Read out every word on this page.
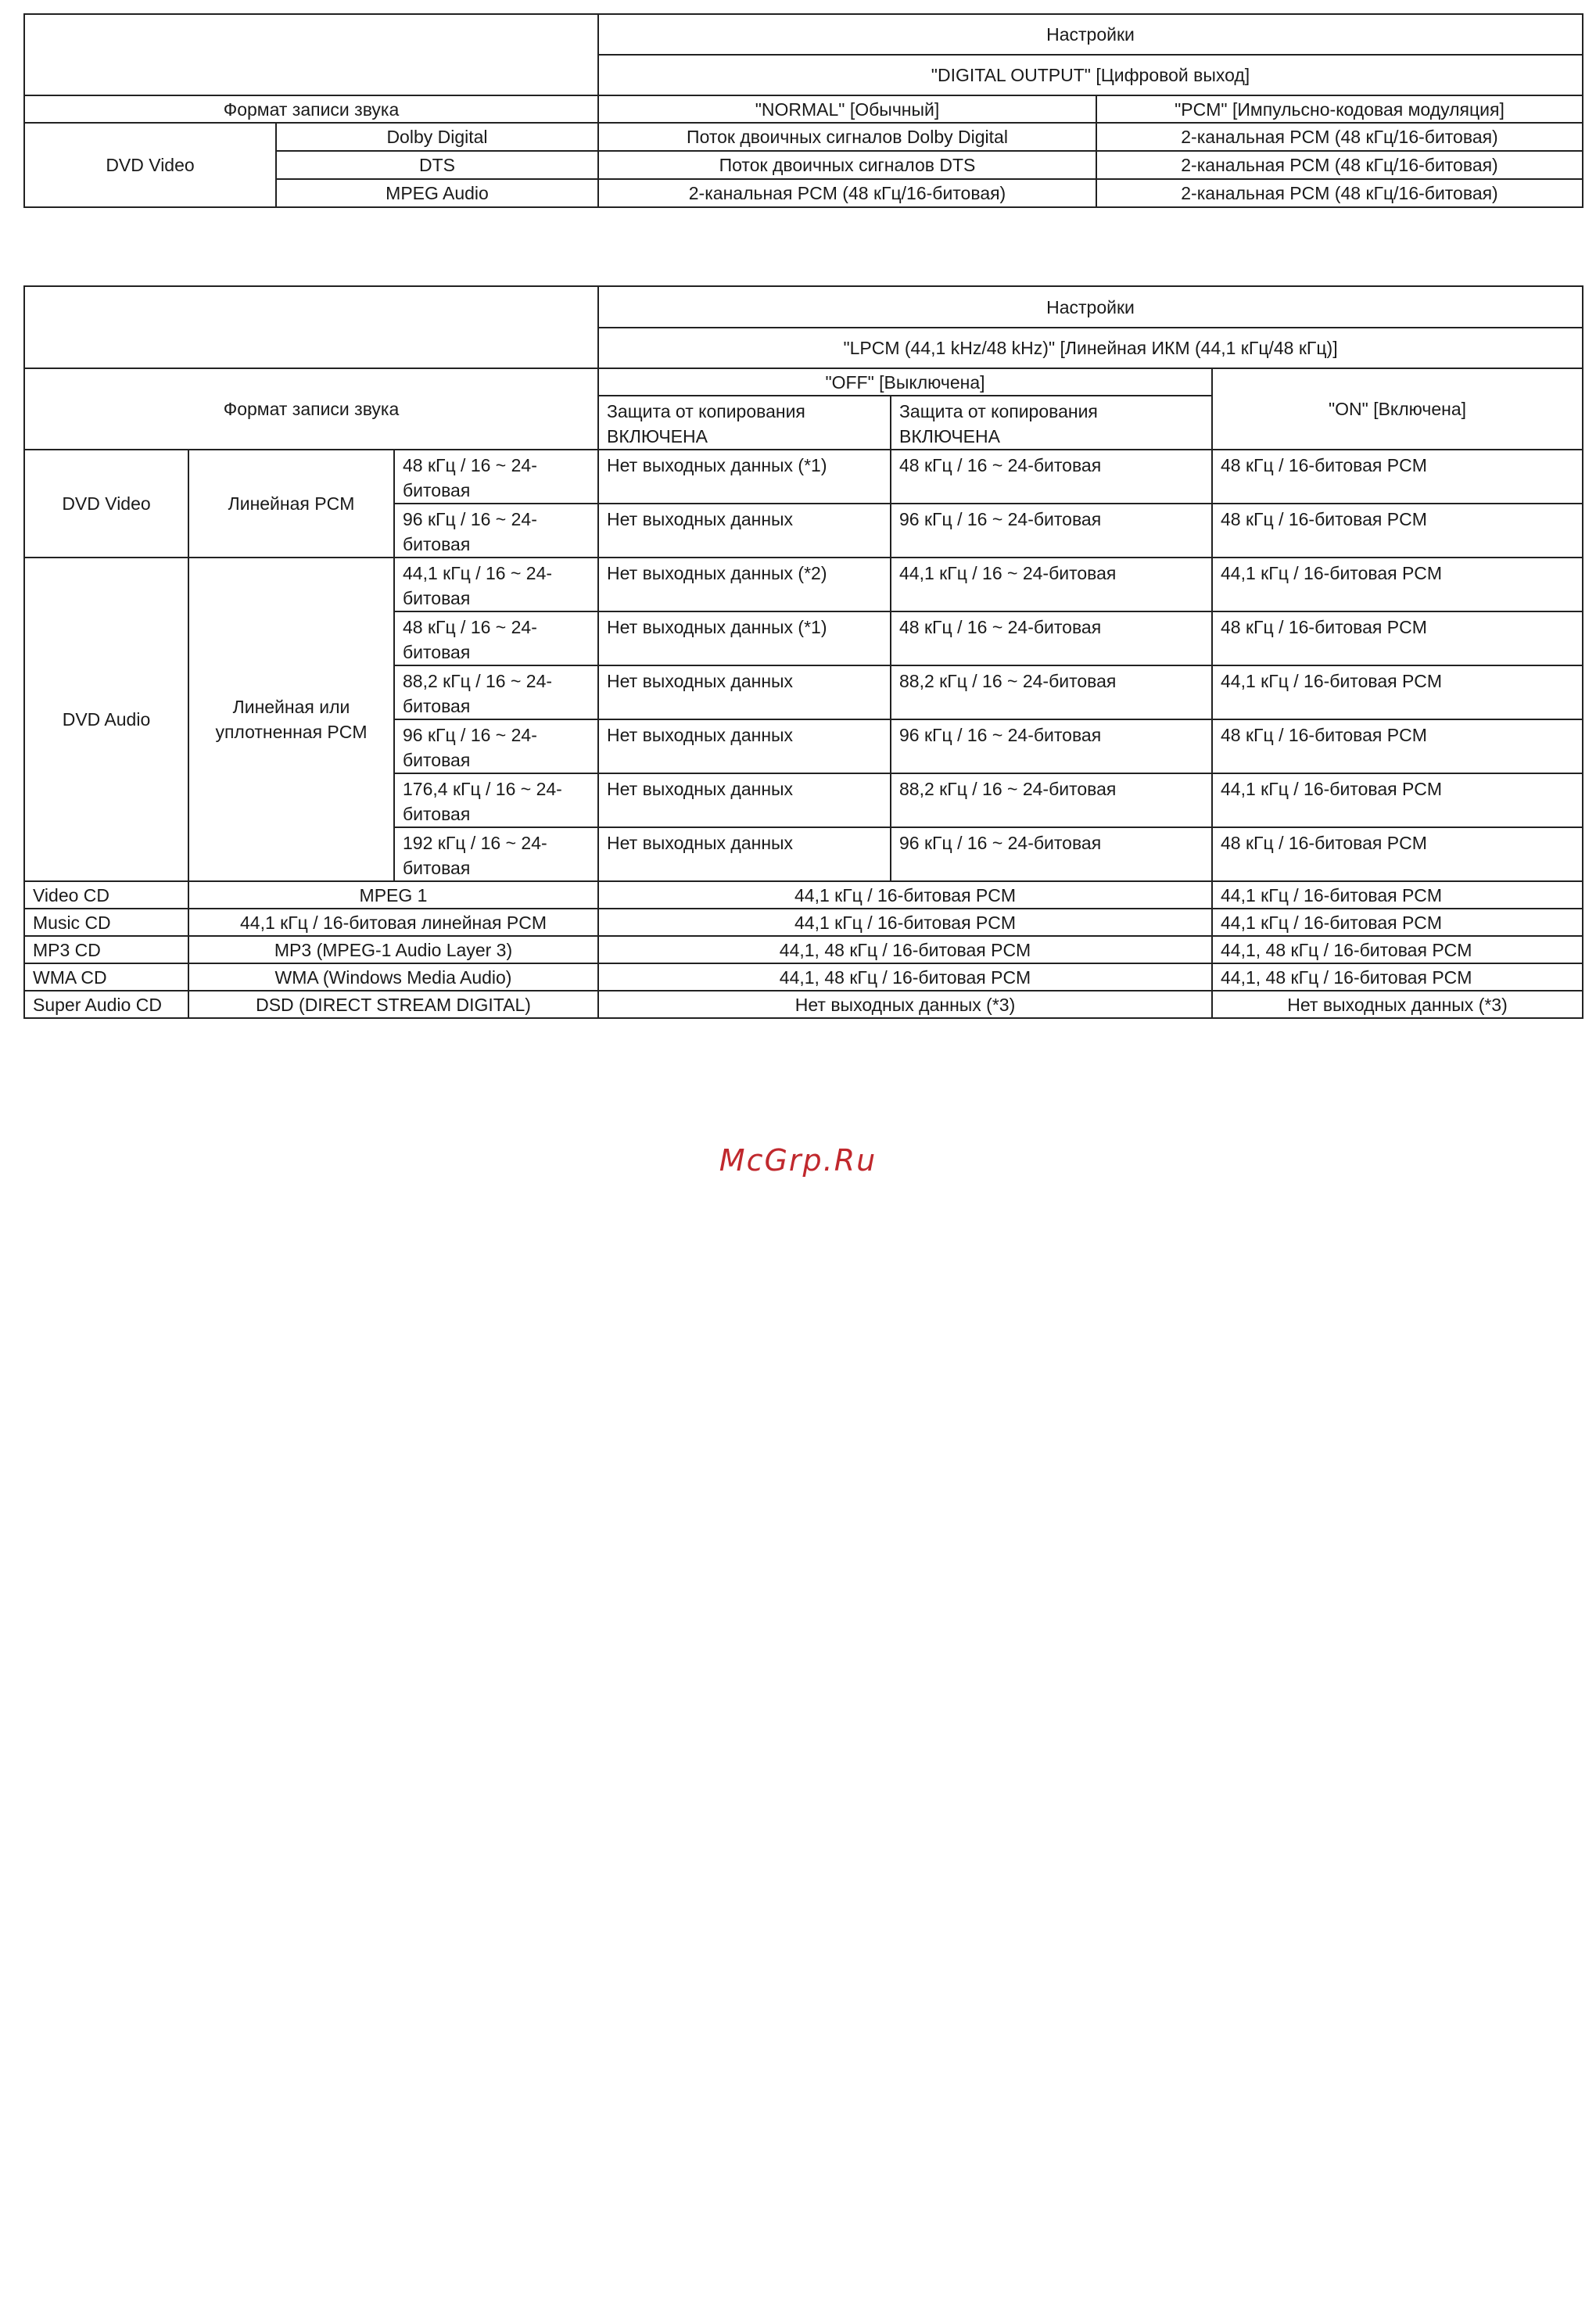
		Настройки	
		"DIGITAL OUTPUT" [Цифровой выход]	
Формат записи звука		"NORMAL" [Обычный]	"PCM" [Импульсно-кодовая модуляция]
DVD Video	Dolby Digital	Поток двоичных сигналов Dolby Digital	2-канальная PCM (48 кГц/16-битовая)
	DTS	Поток двоичных сигналов DTS	2-канальная PCM (48 кГц/16-битовая)
	MPEG Audio	2-канальная PCM (48 кГц/16-битовая)	2-канальная PCM (48 кГц/16-битовая)
			Настройки		
			"LPCM (44,1 kHz/48 kHz)" [Линейная ИКМ (44,1 кГц/48 кГц)]		
Формат записи звука			"OFF" [Выключена]		"ON" [Включена]
			Защита от копирования ВКЛЮЧЕНА	Защита от копирования ВКЛЮЧЕНА	
DVD Video	Линейная PCM	48 кГц / 16 ~ 24-битовая	Нет выходных данных (*1)	48 кГц / 16 ~ 24-битовая	48 кГц / 16-битовая PCM
		96 кГц / 16 ~ 24-битовая	Нет выходных данных	96 кГц / 16 ~ 24-битовая	48 кГц / 16-битовая PCM
DVD Audio	Линейная или уплотненная PCM	44,1 кГц / 16 ~ 24-битовая	Нет выходных данных (*2)	44,1 кГц / 16 ~ 24-битовая	44,1 кГц / 16-битовая PCM
		48 кГц / 16 ~ 24-битовая	Нет выходных данных (*1)	48 кГц / 16 ~ 24-битовая	48 кГц / 16-битовая PCM
		88,2 кГц / 16 ~ 24-битовая	Нет выходных данных	88,2 кГц / 16 ~ 24-битовая	44,1 кГц / 16-битовая PCM
		96 кГц / 16 ~ 24-битовая	Нет выходных данных	96 кГц / 16 ~ 24-битовая	48 кГц / 16-битовая PCM
		176,4 кГц / 16 ~ 24-битовая	Нет выходных данных	88,2 кГц / 16 ~ 24-битовая	44,1 кГц / 16-битовая PCM
		192 кГц / 16 ~ 24-битовая	Нет выходных данных	96 кГц / 16 ~ 24-битовая	48 кГц / 16-битовая PCM
Video CD	MPEG 1		44,1 кГц / 16-битовая PCM		44,1 кГц / 16-битовая PCM
Music CD	44,1 кГц / 16-битовая линейная PCM		44,1 кГц / 16-битовая PCM		44,1 кГц / 16-битовая PCM
MP3 CD	MP3 (MPEG-1 Audio Layer 3)		44,1, 48 кГц / 16-битовая PCM		44,1, 48 кГц / 16-битовая PCM
WMA CD	WMA (Windows Media Audio)		44,1, 48 кГц / 16-битовая PCM		44,1, 48 кГц / 16-битовая PCM
Super Audio CD	DSD (DIRECT STREAM DIGITAL)		Нет выходных данных (*3)		Нет выходных данных (*3)
McGrp.Ru
